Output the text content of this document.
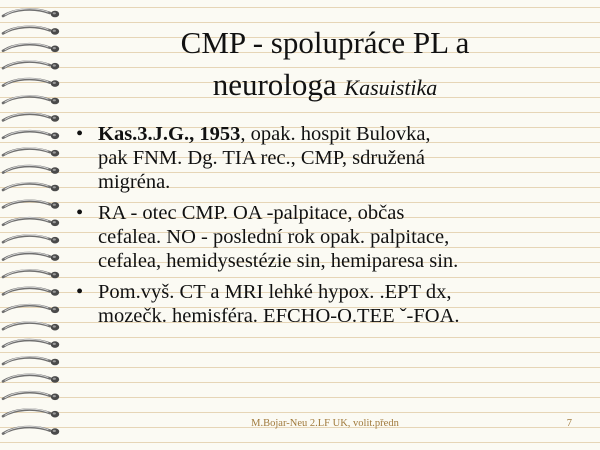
CMP - spolupráce PL a
neurologa Kasuistika
• Kas.3.J.G., 1953, opak. hospit Bulovka,
pak FNM. Dg. TIA rec., CMP, sdružená
migréna.
• RA - otec CMP. OA -palpitace, občas
cefalea. NO - poslední rok opak. palpitace,
cefalea, hemidysestézie sin, hemiparesa sin.
• Pom.vyš. CT a MRI lehké hypox. .EPT dx,
mozečk. hemisféra. EFCHO-O.TEE ˇ-FOA.
M.Bojar-Neu 2.LF UK, volit.předn	7
